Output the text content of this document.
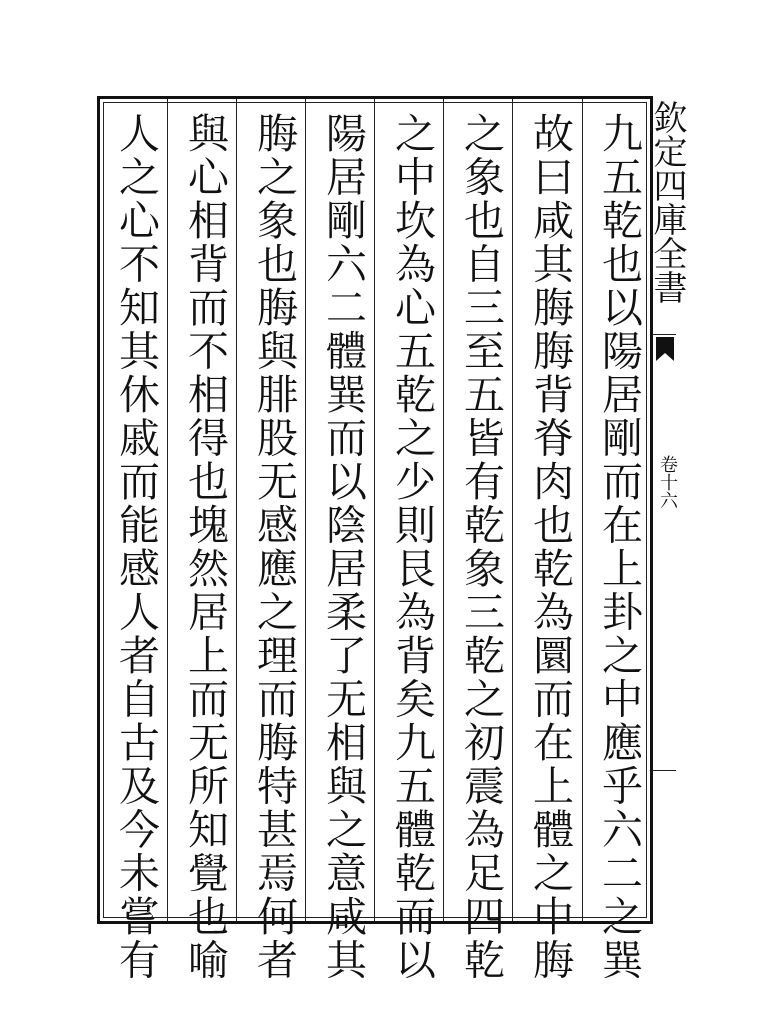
九五乾也以陽居剛而在上卦之中應乎六二之巽
故曰咸其脢脢背脊肉也乾為圜而在上體之中脢
之象也自三至五皆有乾象三乾之初震為足四乾
之中坎為心五乾之少則艮為背矣九五體乾而以
陽居剛六二體巽而以陰居柔了无相與之意咸其
脢之象也脢與腓股无感應之理而脢特甚焉何者
與心相背而不相得也塊然居上而无所知覺也喻
人之心不知其休戚而能感人者自古及今未嘗有	欽定四庫全書
卷十六
